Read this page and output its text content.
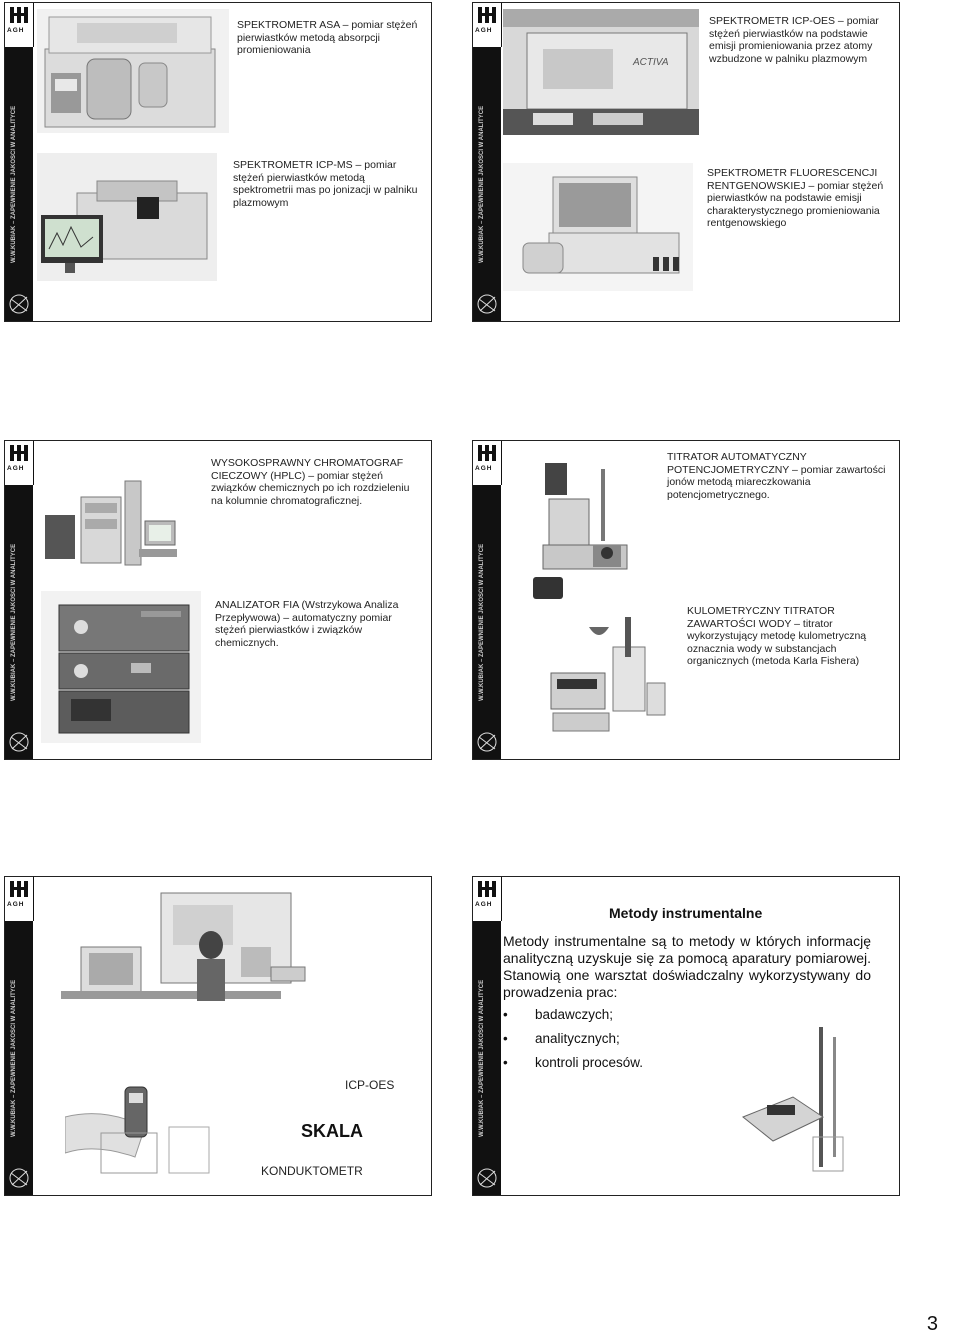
AGH
W.W.KUBIAK – ZAPEWNIENIE JAKOŚCI W ANALITYCE
SPEKTROMETR ASA – pomiar stężeń pierwiastków metodą absorpcji promieniowania
SPEKTROMETR ICP-MS – pomiar stężeń pierwiastków metodą spektrometrii mas po jonizacji w palniku plazmowym
AGH
W.W.KUBIAK – ZAPEWNIENIE JAKOŚCI W ANALITYCE
ACTIVA
SPEKTROMETR ICP-OES – pomiar stężeń pierwiastków na podstawie emisji promieniowania przez atomy wzbudzone w palniku plazmowym
SPEKTROMETR FLUORESCENCJI RENTGENOWSKIEJ – pomiar stężeń pierwiastków na podstawie emisji charakterystycznego promieniowania rentgenowskiego
AGH
W.W.KUBIAK – ZAPEWNIENIE JAKOŚCI W ANALITYCE
WYSOKOSPRAWNY CHROMATOGRAF CIECZOWY (HPLC) – pomiar stężeń związków chemicznych po ich rozdzieleniu na kolumnie chromatograficznej.
ANALIZATOR FIA (Wstrzykowa Analiza Przepływowa) – automatyczny pomiar stężeń pierwiastków i związków chemicznych.
AGH
W.W.KUBIAK – ZAPEWNIENIE JAKOŚCI W ANALITYCE
TITRATOR AUTOMATYCZNY POTENCJOMETRYCZNY – pomiar zawartości jonów metodą miareczkowania potencjometrycznego.
KULOMETRYCZNY TITRATOR ZAWARTOŚCI WODY – titrator wykorzystujący metodę kulometryczną oznacznia wody w substancjach organicznych (metoda Karla Fishera)
AGH
W.W.KUBIAK – ZAPEWNIENIE JAKOŚCI W ANALITYCE	ICP-OES
SKALA
KONDUKTOMETR
AGH
W.W.KUBIAK – ZAPEWNIENIE JAKOŚCI W ANALITYCE
Metody instrumentalne
Metody instrumentalne są to metody w których informację analityczną uzyskuje się za pomocą aparatury pomiarowej. Stanowią one warsztat doświadczalny wykorzystywany do prowadzenia prac:
• badawczych;
• analitycznych;
• kontroli procesów.
3
